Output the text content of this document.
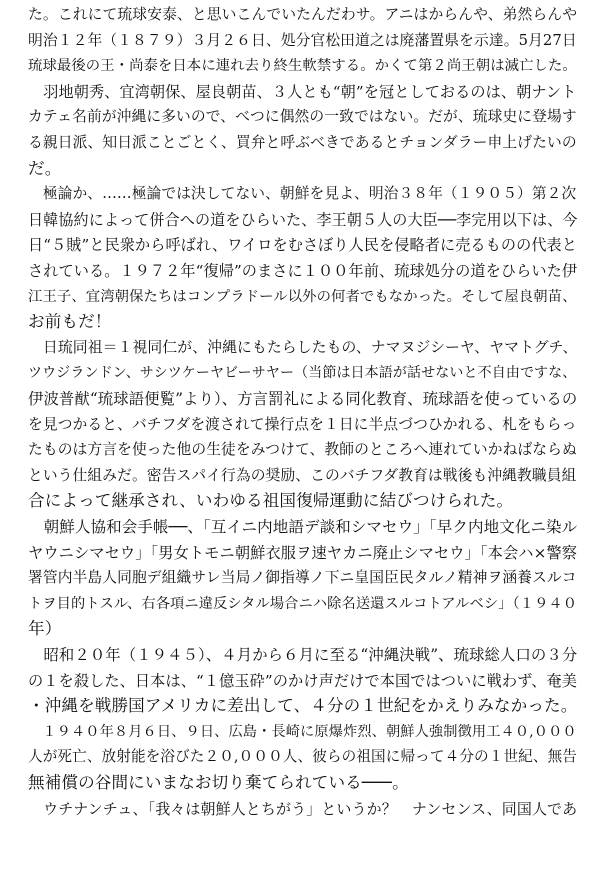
た。これにて琉球安泰、と思いこんでいたんだわサ。アニはからんや、弟然らんや
明治１２年（１８７９）３月２６日、処分官松田道之は廃藩置県を示達。5月27日
琉球最後の王・尚泰を日本に連れ去り終生軟禁する。かくて第２尚王朝は滅亡した。
　羽地朝秀、宜湾朝保、屋良朝苗、３人とも“朝”を冠としておるのは、朝ナント
カテェ名前が沖縄に多いので、べつに偶然の一致ではない。だが、琉球史に登場す
る親日派、知日派ことごとく、買弁と呼ぶべきであるとチョンダラー申上げたいの
だ。
　極論か、……極論では決してない、朝鮮を見よ、明治３８年（１９０５）第２次
日韓協約によって併合への道をひらいた、李王朝５人の大臣──李完用以下は、今
日“５賊”と民衆から呼ばれ、ワイロをむさぼり人民を侵略者に売るものの代表と
されている。１９７２年“復帰”のまさに１００年前、琉球処分の道をひらいた伊
江王子、宜湾朝保たちはコンプラドール以外の何者でもなかった。そして屋良朝苗、
お前もだ！
　日琉同祖＝１視同仁が、沖縄にもたらしたもの、ナマヌジシーヤ、ヤマトグチ、
ツウジランドン、サシツケーヤビーサヤー（当節は日本語が話せないと不自由ですな、
伊波普猷“琉球語便覧”より）、方言罰礼による同化教育、琉球語を使っているの
を見つかると、バチフダを渡されて操行点を１日に半点づつひかれる、札をもらっ
たものは方言を使った他の生徒をみつけて、教師のところへ連れていかねばならぬ
という仕組みだ。密告スパイ行為の奨励、このバチフダ教育は戦後も沖縄教職員組
合によって継承され、いわゆる祖国復帰運動に結びつけられた。
　朝鮮人協和会手帳──、「互イニ内地語デ談和シマセウ」「早ク内地文化ニ染ル
ヤウニシマセウ」「男女トモニ朝鮮衣服ヲ速ヤカニ廃止シマセウ」「本会ハ×警察
署管内半島人同胞デ組織サレ当局ノ御指導ノ下ニ皇国臣民タルノ精神ヲ涵養スルコ
トヲ目的トスル、右各項ニ違反シタル場合ニハ除名送還スルコトアルベシ」（１９４０
年）
　昭和２０年（１９４５）、４月から６月に至る“沖縄決戦”、琉球総人口の３分
の１を殺した、日本は、“１億玉砕”のかけ声だけで本国ではついに戦わず、奄美
・沖縄を戦勝国アメリカに差出して、４分の１世紀をかえりみなかった。
　１９４０年８月６日、９日、広島・長崎に原爆炸烈、朝鮮人強制徴用工４０,０００
人が死亡、放射能を浴びた２０,０００人、彼らの祖国に帰って４分の１世紀、無告
無補償の谷間にいまなお切り棄てられている───。
　ウチナンチュ、「我々は朝鮮人とちがう」というか？　ナンセンス、同国人であ
